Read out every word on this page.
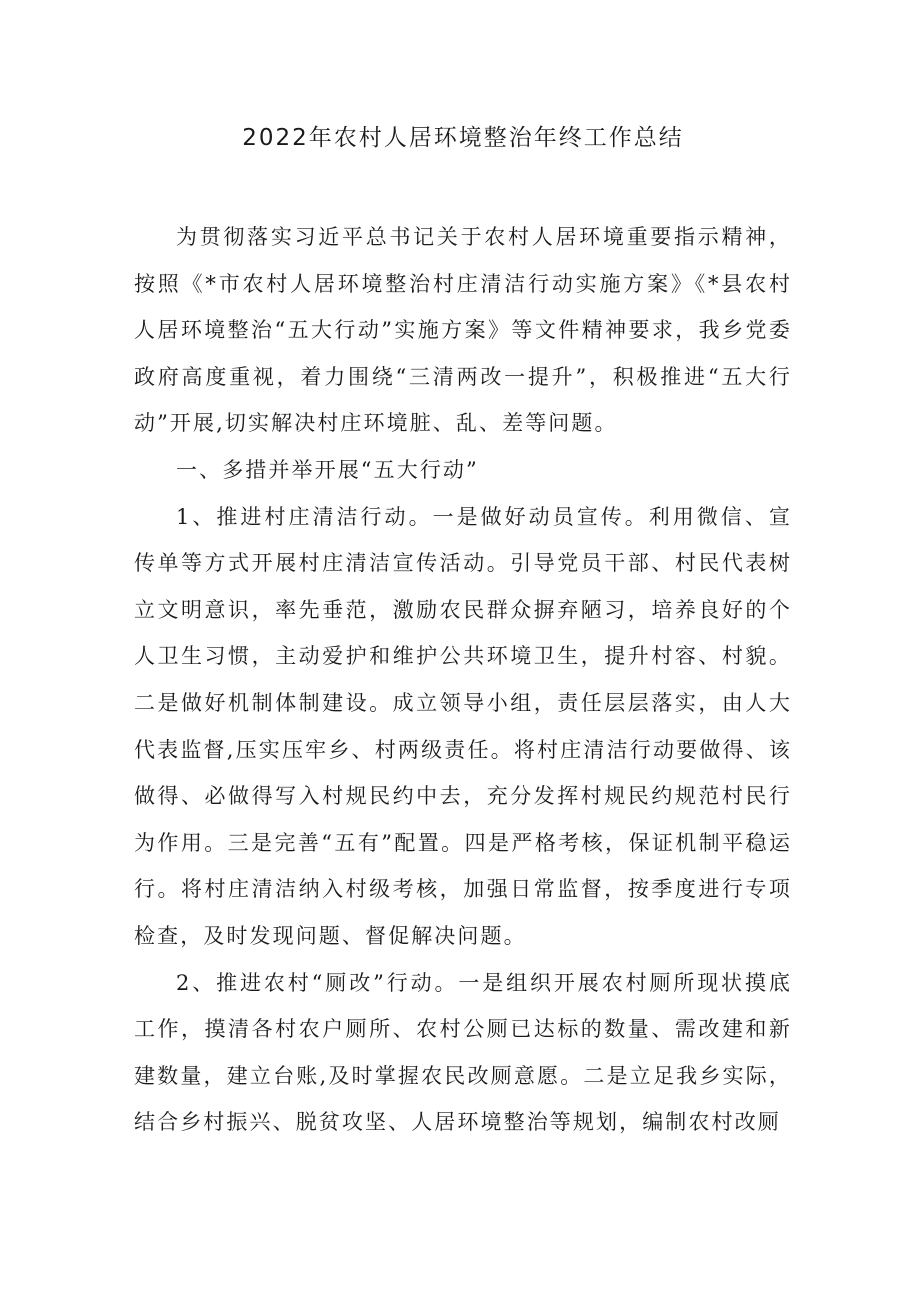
2022年农村人居环境整治年终工作总结

为贯彻落实习近平总书记关于农村人居环境重要指示精神，按照《*市农村人居环境整治村庄清洁行动实施方案》《*县农村人居环境整治“五大行动”实施方案》等文件精神要求，我乡党委政府高度重视，着力围绕“三清两改一提升”，积极推进“五大行动”开展,切实解决村庄环境脏、乱、差等问题。

一、多措并举开展“五大行动”

1、推进村庄清洁行动。一是做好动员宣传。利用微信、宣传单等方式开展村庄清洁宣传活动。引导党员干部、村民代表树立文明意识，率先垂范，激励农民群众摒弃陋习，培养良好的个人卫生习惯，主动爱护和维护公共环境卫生，提升村容、村貌。二是做好机制体制建设。成立领导小组，责任层层落实，由人大代表监督,压实压牢乡、村两级责任。将村庄清洁行动要做得、该做得、必做得写入村规民约中去，充分发挥村规民约规范村民行为作用。三是完善“五有”配置。四是严格考核，保证机制平稳运行。将村庄清洁纳入村级考核，加强日常监督，按季度进行专项检查，及时发现问题、督促解决问题。

2、推进农村“厕改”行动。一是组织开展农村厕所现状摸底工作，摸清各村农户厕所、农村公厕已达标的数量、需改建和新建数量，建立台账,及时掌握农民改厕意愿。二是立足我乡实际，结合乡村振兴、脱贫攻坚、人居环境整治等规划，编制农村改厕
